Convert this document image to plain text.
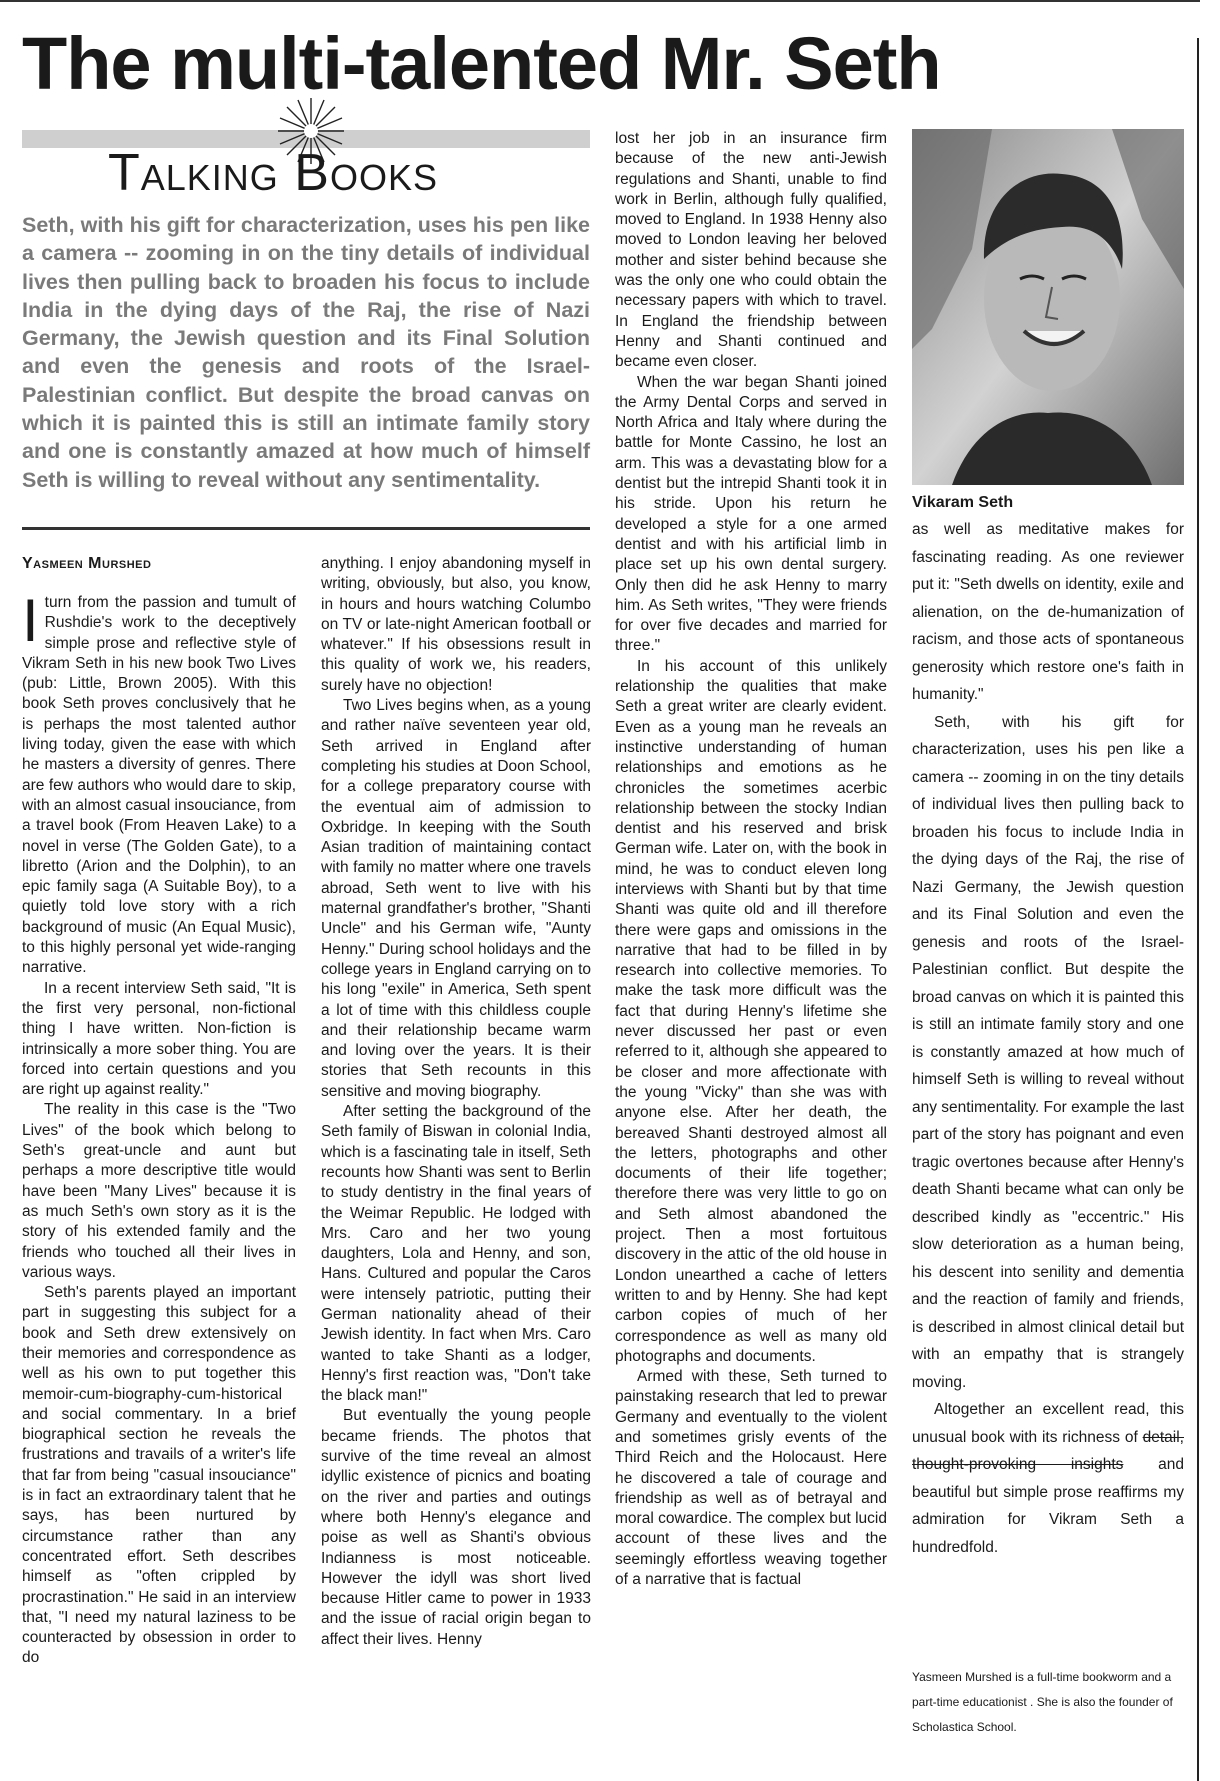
The multi-talented Mr. Seth
Talking Books

Seth, with his gift for characterization, uses his pen like a camera -- zooming in on the tiny details of individual lives then pulling back to broaden his focus to include India in the dying days of the Raj, the rise of Nazi Germany, the Jewish question and its Final Solution and even the genesis and roots of the Israel-Palestinian conflict. But despite the broad canvas on which it is painted this is still an intimate family story and one is constantly amazed at how much of himself Seth is willing to reveal without any sentimentality.

Yasmeen Murshed

Iturn from the passion and tumult of Rushdie's work to the deceptively simple prose and reflective style of Vikram Seth in his new book Two Lives (pub: Little, Brown 2005). With this book Seth proves conclusively that he is perhaps the most talented author living today, given the ease with which he masters a diversity of genres. There are few authors who would dare to skip, with an almost casual insouciance, from a travel book (From Heaven Lake) to a novel in verse (The Golden Gate), to a libretto (Arion and the Dolphin), to an epic family saga (A Suitable Boy), to a quietly told love story with a rich background of music (An Equal Music), to this highly personal yet wide-ranging narrative.

In a recent interview Seth said, "It is the first very personal, non-fictional thing I have written. Non-fiction is intrinsically a more sober thing. You are forced into certain questions and you are right up against reality."

The reality in this case is the "Two Lives" of the book which belong to Seth's great-uncle and aunt but perhaps a more descriptive title would have been "Many Lives" because it is as much Seth's own story as it is the story of his extended family and the friends who touched all their lives in various ways.

Seth's parents played an important part in suggesting this subject for a book and Seth drew extensively on their memories and correspondence as well as his own to put together this memoir-cum-biography-cum-historical and social commentary. In a brief biographical section he reveals the frustrations and travails of a writer's life that far from being "casual insouciance" is in fact an extraordinary talent that he says, has been nurtured by circumstance rather than any concentrated effort. Seth describes himself as "often crippled by procrastination." He said in an interview that, "I need my natural laziness to be counteracted by obsession in order to do

anything. I enjoy abandoning myself in writing, obviously, but also, you know, in hours and hours watching Columbo on TV or late-night American football or whatever." If his obsessions result in this quality of work we, his readers, surely have no objection!

Two Lives begins when, as a young and rather naïve seventeen year old, Seth arrived in England after completing his studies at Doon School, for a college preparatory course with the eventual aim of admission to Oxbridge. In keeping with the South Asian tradition of maintaining contact with family no matter where one travels abroad, Seth went to live with his maternal grandfather's brother, "Shanti Uncle" and his German wife, "Aunty Henny." During school holidays and the college years in England carrying on to his long "exile" in America, Seth spent a lot of time with this childless couple and their relationship became warm and loving over the years. It is their stories that Seth recounts in this sensitive and moving biography.

After setting the background of the Seth family of Biswan in colonial India, which is a fascinating tale in itself, Seth recounts how Shanti was sent to Berlin to study dentistry in the final years of the Weimar Republic. He lodged with Mrs. Caro and her two young daughters, Lola and Henny, and son, Hans. Cultured and popular the Caros were intensely patriotic, putting their German nationality ahead of their Jewish identity. In fact when Mrs. Caro wanted to take Shanti as a lodger, Henny's first reaction was, "Don't take the black man!"

But eventually the young people became friends. The photos that survive of the time reveal an almost idyllic existence of picnics and boating on the river and parties and outings where both Henny's elegance and poise as well as Shanti's obvious Indianness is most noticeable. However the idyll was short lived because Hitler came to power in 1933 and the issue of racial origin began to affect their lives. Henny

lost her job in an insurance firm because of the new anti-Jewish regulations and Shanti, unable to find work in Berlin, although fully qualified, moved to England. In 1938 Henny also moved to London leaving her beloved mother and sister behind because she was the only one who could obtain the necessary papers with which to travel. In England the friendship between Henny and Shanti continued and became even closer.

When the war began Shanti joined the Army Dental Corps and served in North Africa and Italy where during the battle for Monte Cassino, he lost an arm. This was a devastating blow for a dentist but the intrepid Shanti took it in his stride. Upon his return he developed a style for a one armed dentist and with his artificial limb in place set up his own dental surgery. Only then did he ask Henny to marry him. As Seth writes, "They were friends for over five decades and married for three."

In his account of this unlikely relationship the qualities that make Seth a great writer are clearly evident. Even as a young man he reveals an instinctive understanding of human relationships and emotions as he chronicles the sometimes acerbic relationship between the stocky Indian dentist and his reserved and brisk German wife. Later on, with the book in mind, he was to conduct eleven long interviews with Shanti but by that time Shanti was quite old and ill therefore there were gaps and omissions in the narrative that had to be filled in by research into collective memories. To make the task more difficult was the fact that during Henny's lifetime she never discussed her past or even referred to it, although she appeared to be closer and more affectionate with the young "Vicky" than she was with anyone else. After her death, the bereaved Shanti destroyed almost all the letters, photographs and other documents of their life together; therefore there was very little to go on and Seth almost abandoned the project. Then a most fortuitous discovery in the attic of the old house in London unearthed a cache of letters written to and by Henny. She had kept carbon copies of much of her correspondence as well as many old photographs and documents.

Armed with these, Seth turned to painstaking research that led to prewar Germany and eventually to the violent and sometimes grisly events of the Third Reich and the Holocaust. Here he discovered a tale of courage and friendship as well as of betrayal and moral cowardice. The complex but lucid account of these lives and the seemingly effortless weaving together of a narrative that is factual

Vikaram Seth

as well as meditative makes for fascinating reading. As one reviewer put it: "Seth dwells on identity, exile and alienation, on the de-humanization of racism, and those acts of spontaneous generosity which restore one's faith in humanity."

Seth, with his gift for characterization, uses his pen like a camera -- zooming in on the tiny details of individual lives then pulling back to broaden his focus to include India in the dying days of the Raj, the rise of Nazi Germany, the Jewish question and its Final Solution and even the genesis and roots of the Israel-Palestinian conflict. But despite the broad canvas on which it is painted this is still an intimate family story and one is constantly amazed at how much of himself Seth is willing to reveal without any sentimentality. For example the last part of the story has poignant and even tragic overtones because after Henny's death Shanti became what can only be described kindly as "eccentric." His slow deterioration as a human being, his descent into senility and dementia and the reaction of family and friends, is described in almost clinical detail but with an empathy that is strangely moving.

Altogether an excellent read, this unusual book with its richness of detail, thought-provoking insights and beautiful but simple prose reaffirms my admiration for Vikram Seth a hundredfold.

Yasmeen Murshed is a full-time bookworm and a part-time educationist . She is also the founder of Scholastica School.
